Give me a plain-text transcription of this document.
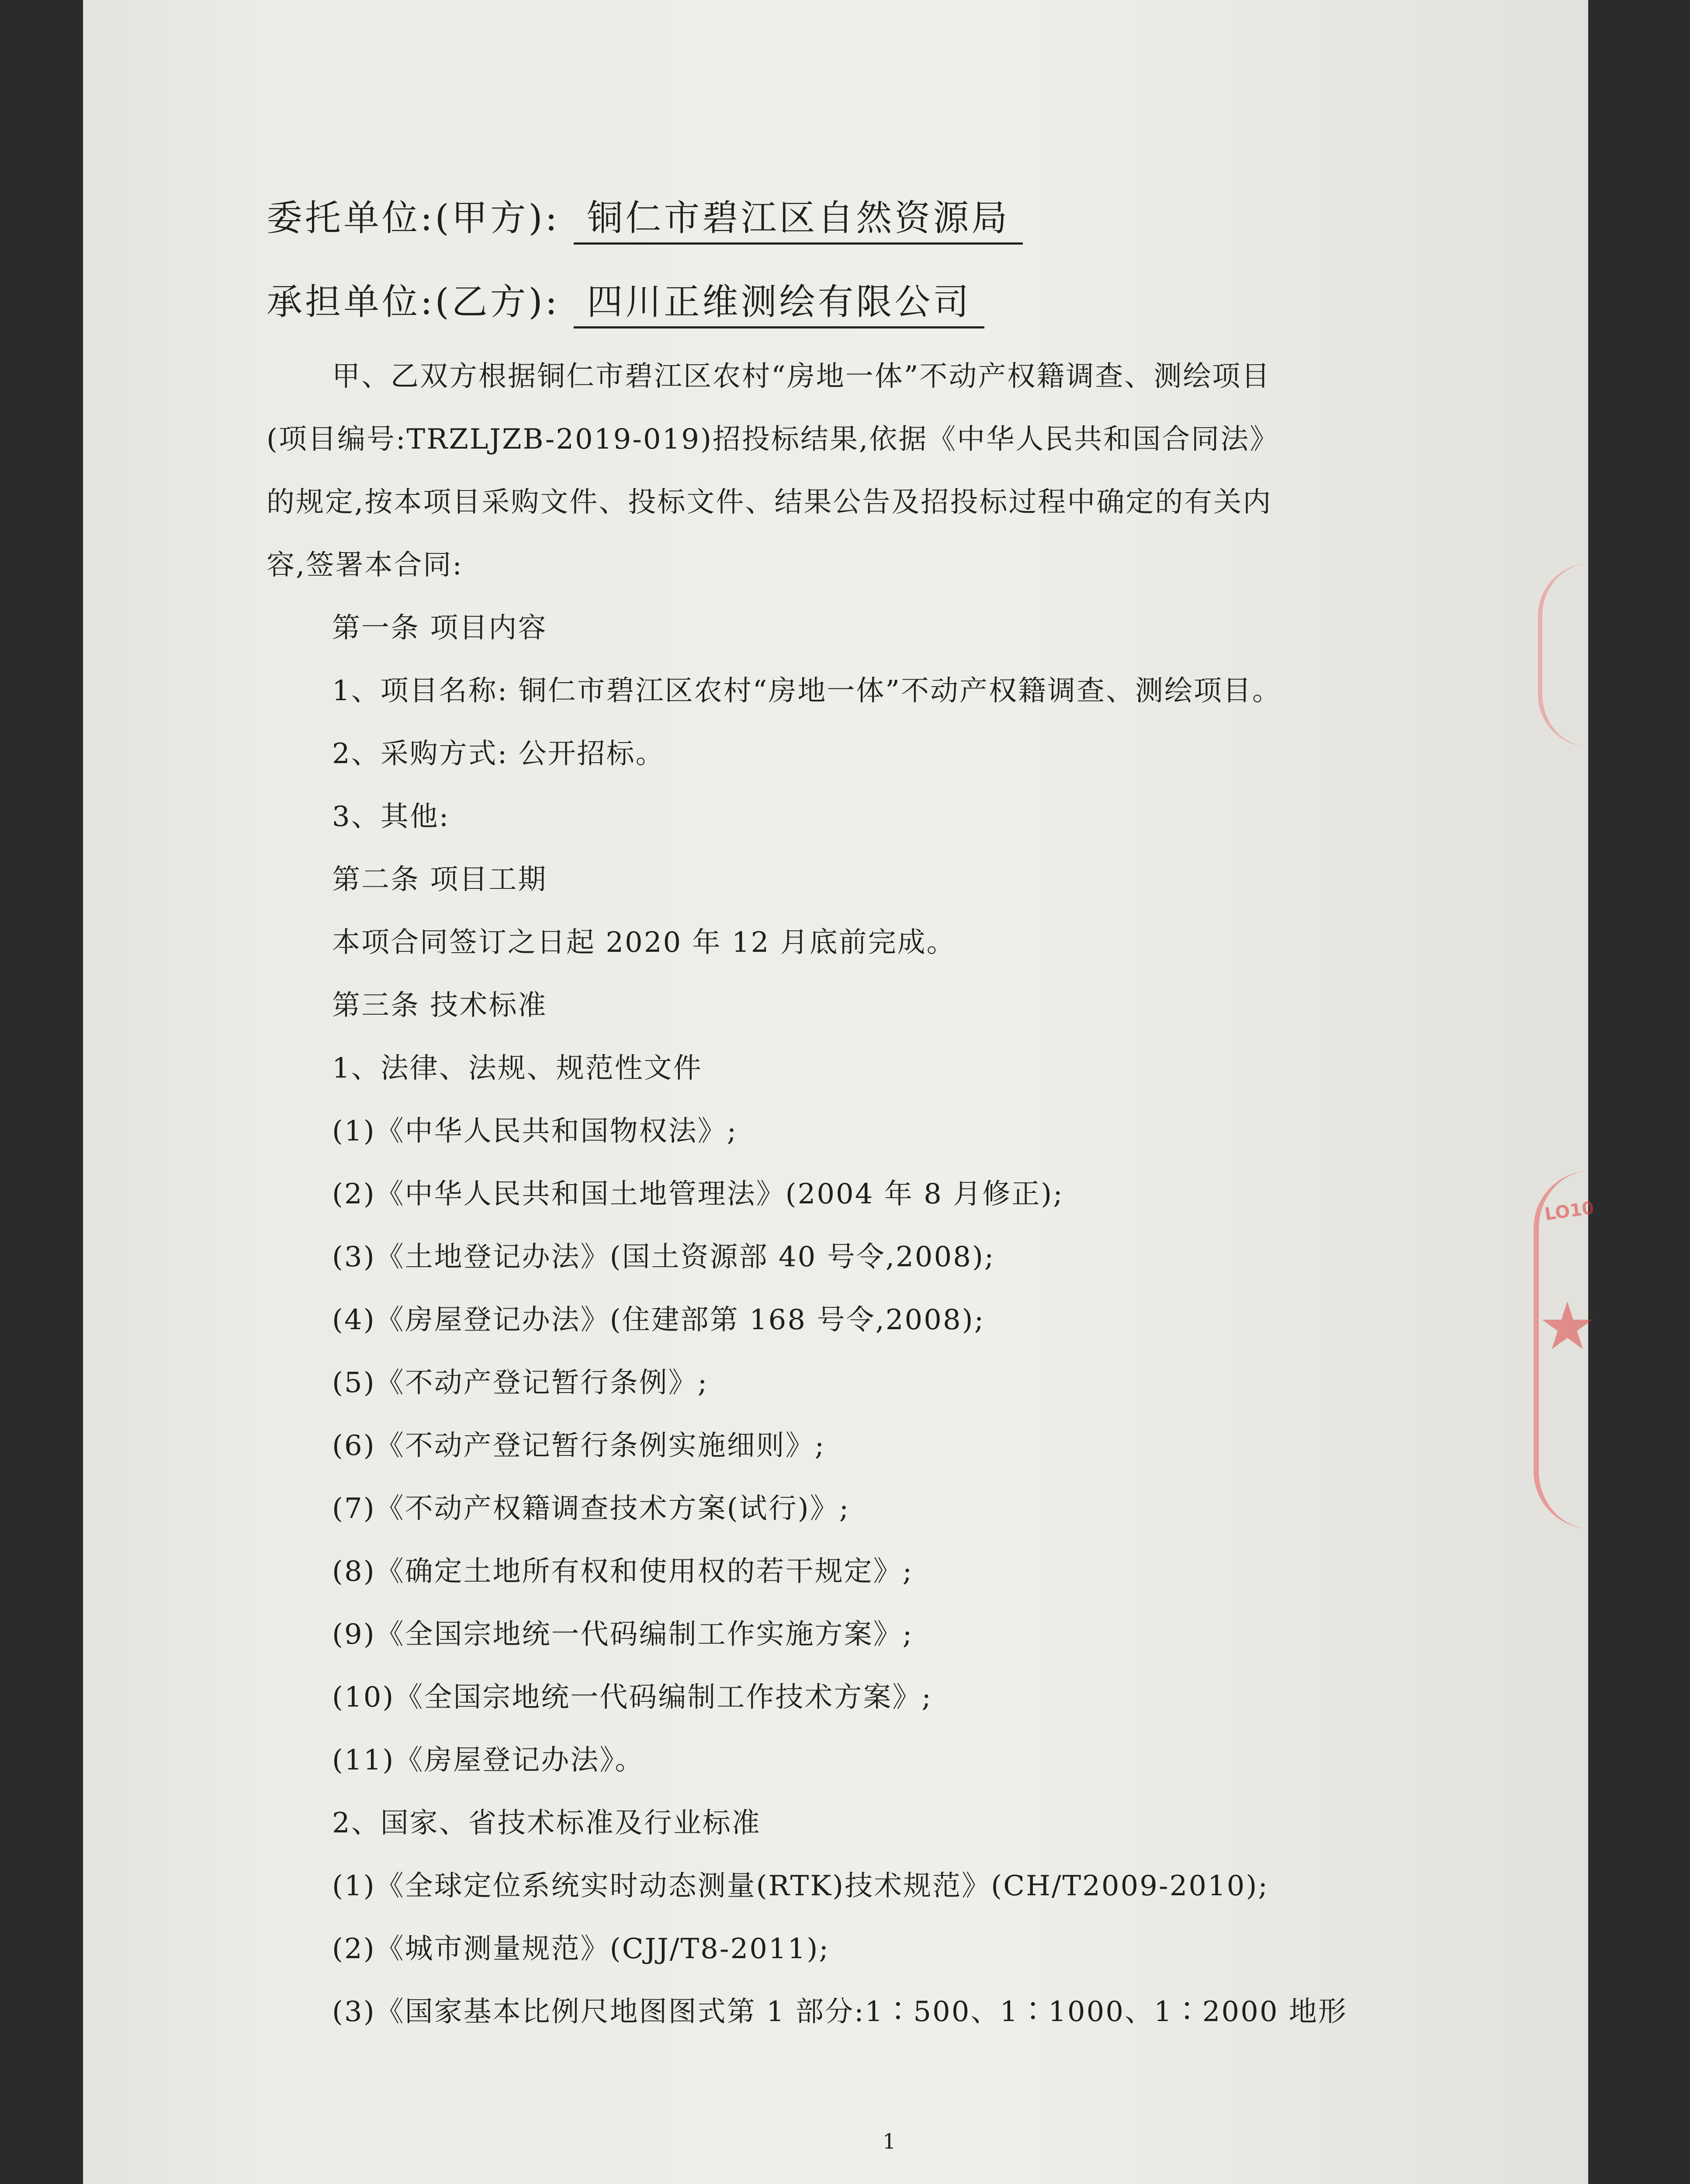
LO10
★
委托单位:(甲方): 铜仁市碧江区自然资源局
承担单位:(乙方): 四川正维测绘有限公司
甲、乙双方根据铜仁市碧江区农村“房地一体”不动产权籍调查、测绘项目
(项目编号:TRZLJZB-2019-019)招投标结果,依据《中华人民共和国合同法》
的规定,按本项目采购文件、投标文件、结果公告及招投标过程中确定的有关内
容,签署本合同:
第一条 项目内容
1、项目名称: 铜仁市碧江区农村“房地一体”不动产权籍调查、测绘项目。
2、采购方式: 公开招标。
3、其他:
第二条 项目工期
本项合同签订之日起 2020 年 12 月底前完成。
第三条 技术标准
1、法律、法规、规范性文件
(1)《中华人民共和国物权法》;
(2)《中华人民共和国土地管理法》(2004 年 8 月修正);
(3)《土地登记办法》(国土资源部 40 号令,2008);
(4)《房屋登记办法》(住建部第 168 号令,2008);
(5)《不动产登记暂行条例》;
(6)《不动产登记暂行条例实施细则》;
(7)《不动产权籍调查技术方案(试行)》;
(8)《确定土地所有权和使用权的若干规定》;
(9)《全国宗地统一代码编制工作实施方案》;
(10)《全国宗地统一代码编制工作技术方案》;
(11)《房屋登记办法》。
2、国家、省技术标准及行业标准
(1)《全球定位系统实时动态测量(RTK)技术规范》(CH/T2009-2010);
(2)《城市测量规范》(CJJ/T8-2011);
(3)《国家基本比例尺地图图式第 1 部分:1∶500、1∶1000、1∶2000 地形
1
